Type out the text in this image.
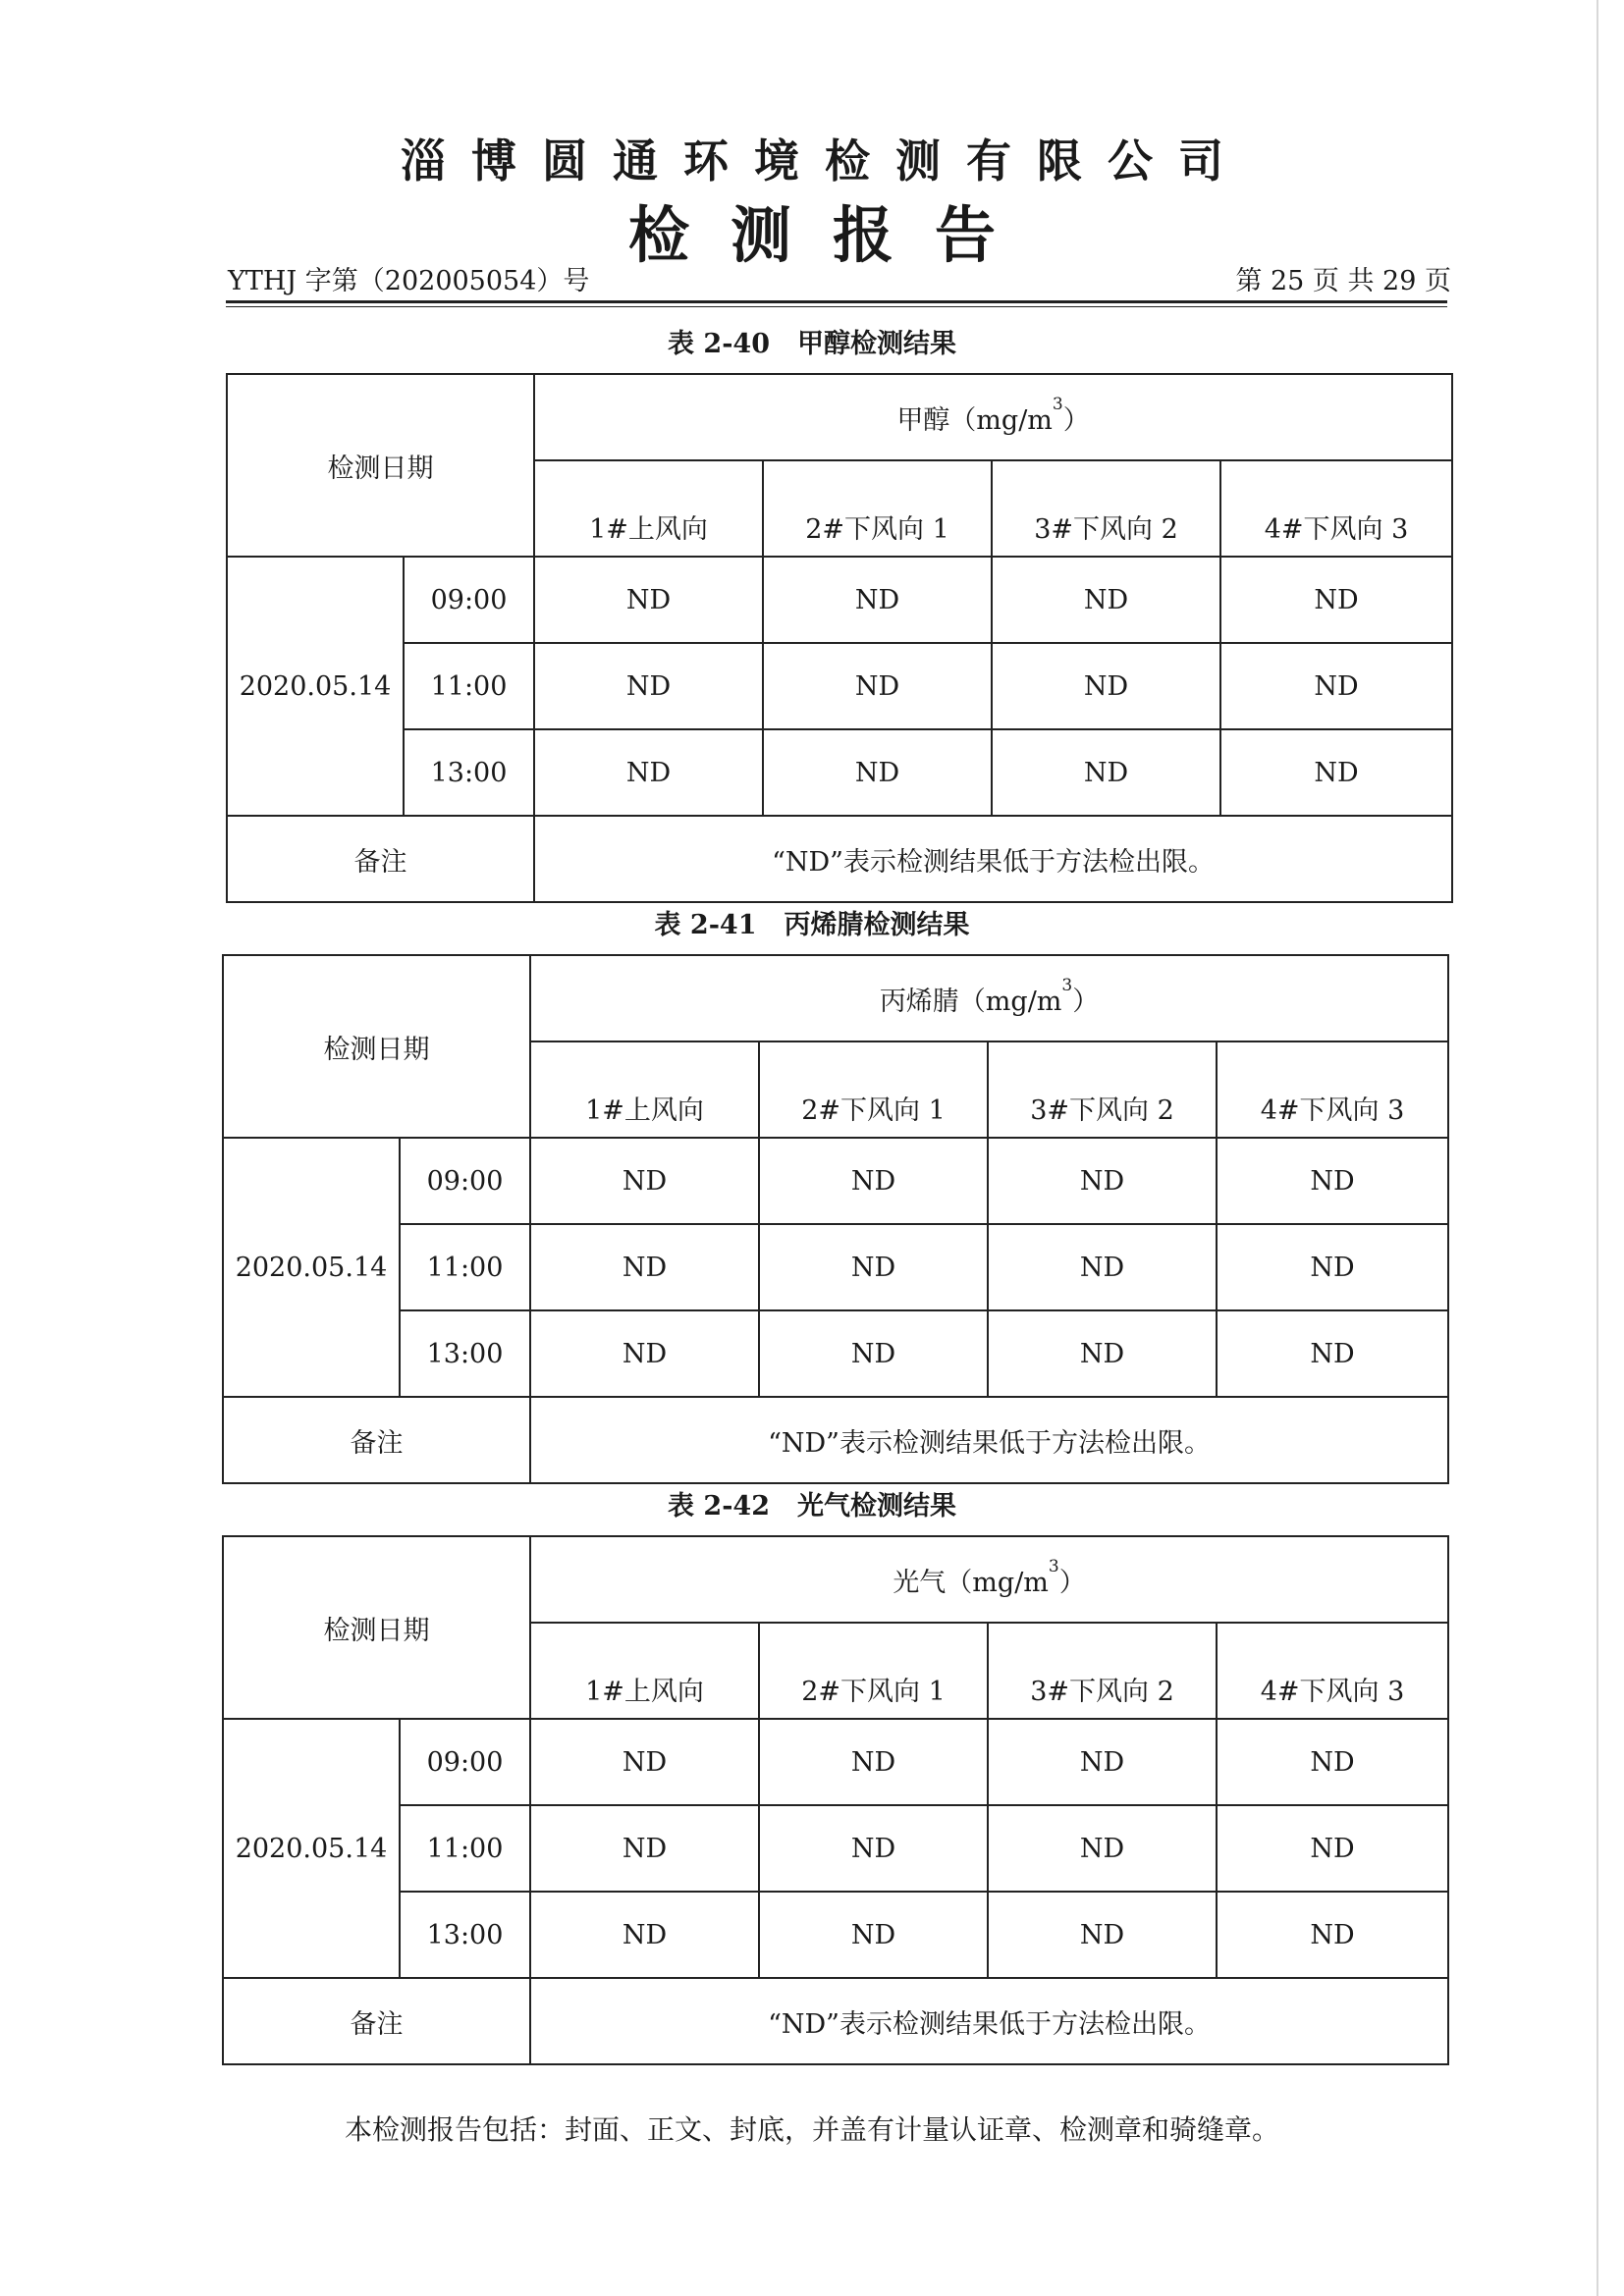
淄博圆通环境检测有限公司
检测报告
YTHJ 字第（202005054）号	第 25 页 共 29 页
表 2-40 甲醇检测结果
检测日期		甲醇$(mg/m^3)$			
		1#上风向	2#下风向 1	3#下风向 2	4#下风向 3
2020.05.14	09:00	ND	ND	ND	ND
	11:00	ND	ND	ND	ND
	13:00	ND	ND	ND	ND
备注		“ND”表示检测结果低于方法检出限。			
表 2-41 丙烯腈检测结果
检测日期		丙烯腈$(mg/m^3)$			
		1#上风向	2#下风向 1	3#下风向 2	4#下风向 3
2020.05.14	09:00	ND	ND	ND	ND
	11:00	ND	ND	ND	ND
	13:00	ND	ND	ND	ND
备注		“ND”表示检测结果低于方法检出限。			
表 2-42 光气检测结果
检测日期		光气$(mg/m^3)$			
		1#上风向	2#下风向 1	3#下风向 2	4#下风向 3
2020.05.14	09:00	ND	ND	ND	ND
	11:00	ND	ND	ND	ND
	13:00	ND	ND	ND	ND
备注		“ND”表示检测结果低于方法检出限。			
本检测报告包括：封面、正文、封底，并盖有计量认证章、检测章和骑缝章。
